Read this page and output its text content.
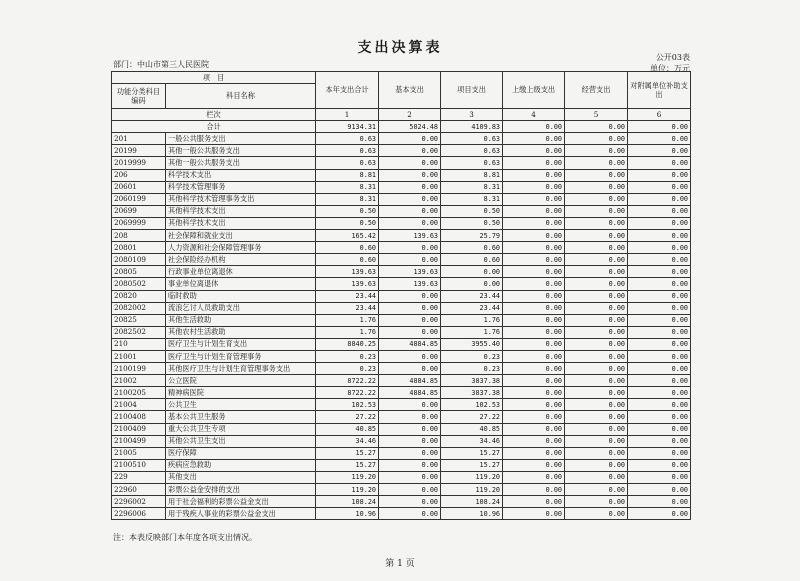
支出决算表
公开03表
部门：中山市第三人民医院	单位：万元
项　目		本年支出合计	基本支出	项目支出	上缴上级支出	经营支出	对附属单位补助支出
功能分类科目编码	科目名称						
栏次		1	2	3	4	5	6
合计		9134.31	5024.48	4109.83	0.00	0.00	0.00
201	一般公共服务支出	0.63	0.00	0.63	0.00	0.00	0.00
20199	其他一般公共服务支出	0.63	0.00	0.63	0.00	0.00	0.00
2019999	其他一般公共服务支出	0.63	0.00	0.63	0.00	0.00	0.00
206	科学技术支出	8.81	0.00	8.81	0.00	0.00	0.00
20601	科学技术管理事务	8.31	0.00	8.31	0.00	0.00	0.00
2060199	其他科学技术管理事务支出	8.31	0.00	8.31	0.00	0.00	0.00
20699	其他科学技术支出	0.50	0.00	0.50	0.00	0.00	0.00
2069999	其他科学技术支出	0.50	0.00	0.50	0.00	0.00	0.00
208	社会保障和就业支出	165.42	139.63	25.79	0.00	0.00	0.00
20801	人力资源和社会保障管理事务	0.60	0.00	0.60	0.00	0.00	0.00
2080109	社会保险经办机构	0.60	0.00	0.60	0.00	0.00	0.00
20805	行政事业单位离退休	139.63	139.63	0.00	0.00	0.00	0.00
2080502	事业单位离退休	139.63	139.63	0.00	0.00	0.00	0.00
20820	临时救助	23.44	0.00	23.44	0.00	0.00	0.00
2082002	流浪乞讨人员救助支出	23.44	0.00	23.44	0.00	0.00	0.00
20825	其他生活救助	1.76	0.00	1.76	0.00	0.00	0.00
2082502	其他农村生活救助	1.76	0.00	1.76	0.00	0.00	0.00
210	医疗卫生与计划生育支出	8840.25	4884.85	3955.40	0.00	0.00	0.00
21001	医疗卫生与计划生育管理事务	0.23	0.00	0.23	0.00	0.00	0.00
2100199	其他医疗卫生与计划生育管理事务支出	0.23	0.00	0.23	0.00	0.00	0.00
21002	公立医院	8722.22	4884.85	3837.38	0.00	0.00	0.00
2100205	精神病医院	8722.22	4884.85	3837.38	0.00	0.00	0.00
21004	公共卫生	102.53	0.00	102.53	0.00	0.00	0.00
2100408	基本公共卫生服务	27.22	0.00	27.22	0.00	0.00	0.00
2100409	重大公共卫生专项	40.85	0.00	40.85	0.00	0.00	0.00
2100499	其他公共卫生支出	34.46	0.00	34.46	0.00	0.00	0.00
21005	医疗保障	15.27	0.00	15.27	0.00	0.00	0.00
2100510	疾病应急救助	15.27	0.00	15.27	0.00	0.00	0.00
229	其他支出	119.20	0.00	119.20	0.00	0.00	0.00
22960	彩票公益金安排的支出	119.20	0.00	119.20	0.00	0.00	0.00
2296002	用于社会福利的彩票公益金支出	108.24	0.00	108.24	0.00	0.00	0.00
2296006	用于残疾人事业的彩票公益金支出	10.96	0.00	10.96	0.00	0.00	0.00
注：本表反映部门本年度各项支出情况。
第 1 页
